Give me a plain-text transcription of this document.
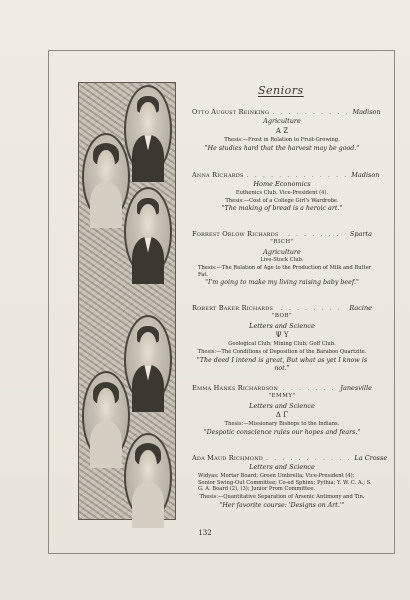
Seniors
Otto August Reinking . . . . . . . . . . Madison
Agriculture
A Z
Thesis:—Frost in Relation to Fruit-Growing.
"He studies hard that the harvest may be good."
Anna Richards . . . . . . . . . . . . . Madison
Home Economics
Euthenics Club. Vice-President (4).
Thesis:—Cost of a College Girl's Wardrobe.
"The making of bread is a heroic art."
Forrest Orlow Richards	. . . . . . .	Sparta
"RICH"
Agriculture
Live-Stock Club.
Thesis:—The Relation of Age to the Production of Milk and Butter Fat.
"I'm going to make my living raising baby beef."
Robert Baker Richards	. . . . . . . .	Racine
"BOB"
Letters and Science
Ψ Υ
Geological Club; Mining Club; Golf Club.
Thesis:—The Conditions of Deposition of the Baraboo Quartzite.
"The deed I intend is great, But what as yet I know is not."
Emma Hanks Richardson . . . . . . . Janesville
"EMMY"
Letters and Science
Δ Γ
Thesis:—Missionary Bishops to the Indians.
"Despotic conscience rules our hopes and fears."
Ada Maud Richmond . . . . . . . . . . . La Crosse
Letters and Science
Widyas; Mortar Board; Green Umbrella; Vice-President (4); Senior Swing-Out Committee; Co-ed Sphinx; Pythia; Y. W. C. A.; S. G. A. Board (2), (3); Junior Prom Committee.
Thesis:—Quantitative Separation of Arsenic Antimony and Tin.
"Her favorite course: 'Designs on Art.'"
132
